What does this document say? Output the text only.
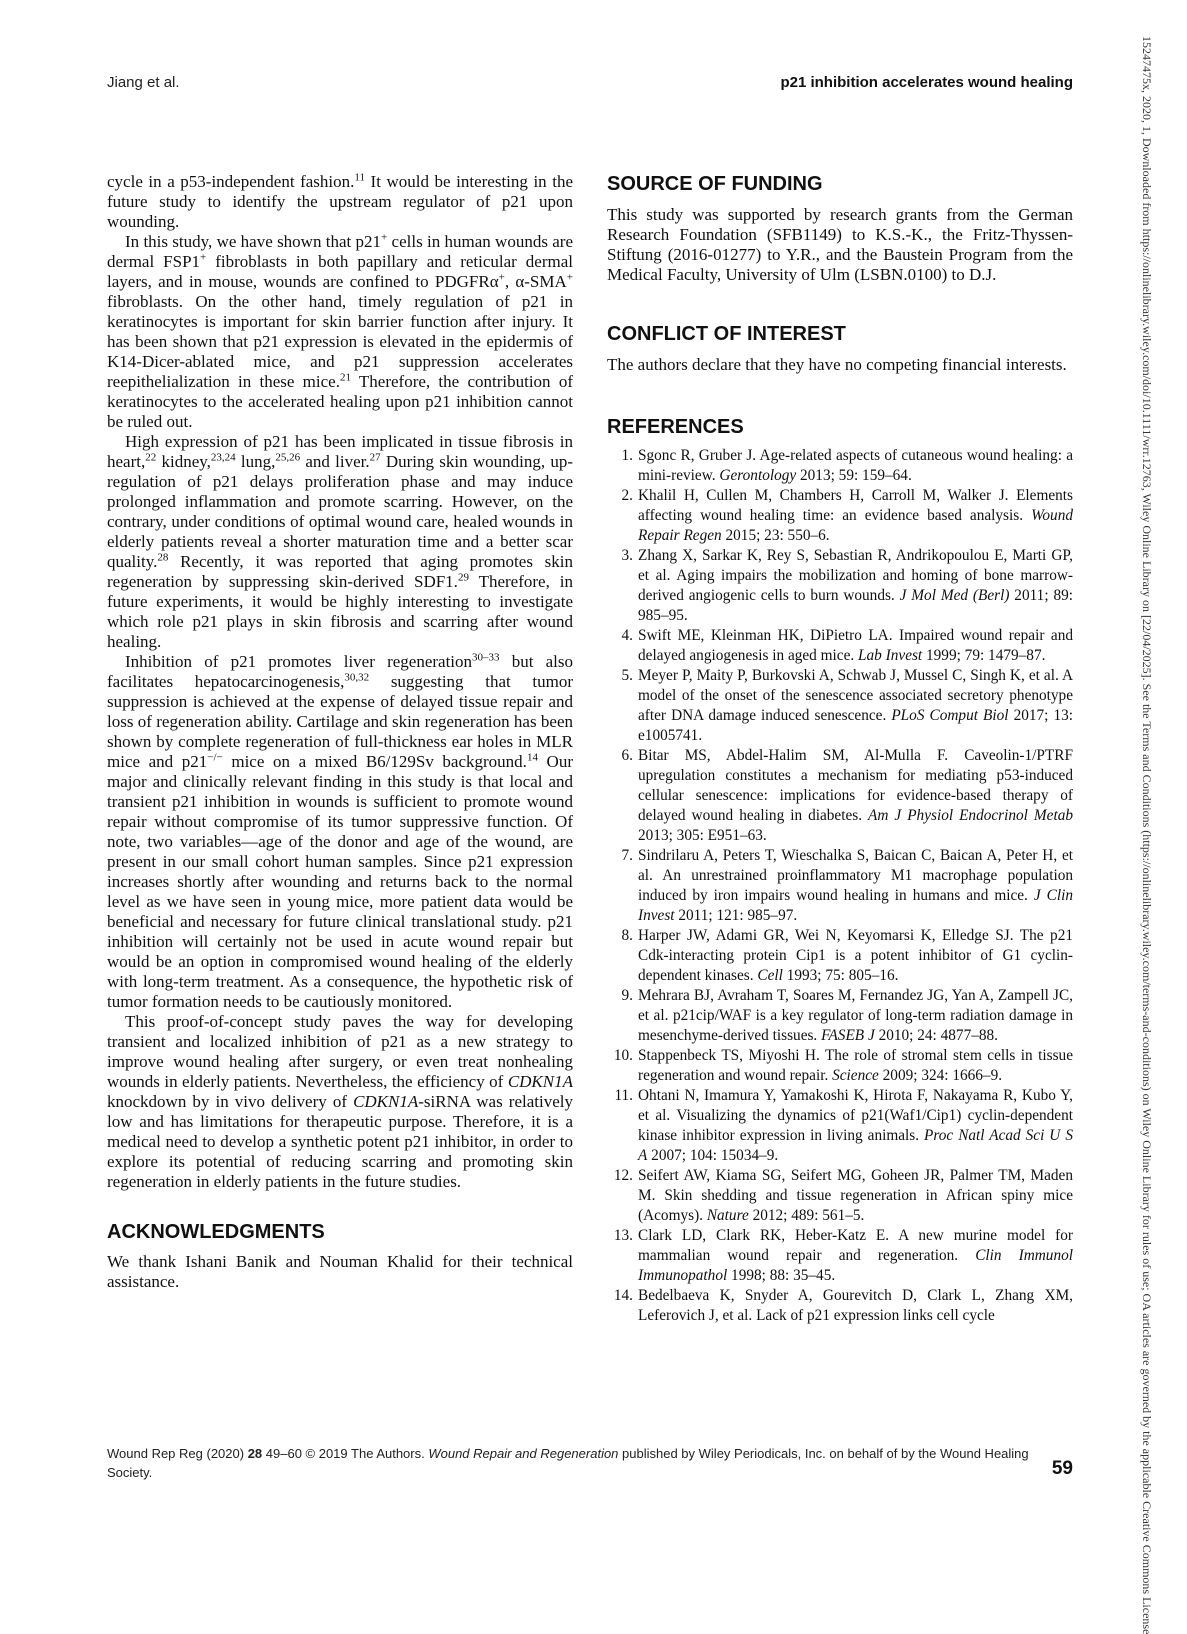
Jiang et al.	p21 inhibition accelerates wound healing

cycle in a p53-independent fashion.$^{11}$ It would be interesting in the future study to identify the upstream regulator of p21 upon wounding.

In this study, we have shown that p21+ cells in human wounds are dermal FSP1+ fibroblasts in both papillary and reticular dermal layers, and in mouse, wounds are confined to PDGFRα+, α-SMA+ fibroblasts. On the other hand, timely regulation of p21 in keratinocytes is important for skin barrier function after injury. It has been shown that p21 expression is elevated in the epidermis of K14-Dicer-ablated mice, and p21 suppression accelerates reepithelialization in these mice.$^{21}$ Therefore, the contribution of keratinocytes to the accelerated healing upon p21 inhibition cannot be ruled out.

High expression of p21 has been implicated in tissue fibrosis in heart,$^{22}$ kidney,$^{23,24}$ lung,$^{25,26}$ and liver.$^{27}$ During skin wounding, up-regulation of p21 delays proliferation phase and may induce prolonged inflammation and promote scarring. However, on the contrary, under conditions of optimal wound care, healed wounds in elderly patients reveal a shorter maturation time and a better scar quality.$^{28}$ Recently, it was reported that aging promotes skin regeneration by suppressing skin-derived SDF1.29 Therefore, in future experiments, it would be highly interesting to investigate which role p21 plays in skin fibrosis and scarring after wound healing.

Inhibition of p21 promotes liver regeneration$^{30-33}$ but also facilitates hepatocarcinogenesis,$^{30,32}$ suggesting that tumor suppression is achieved at the expense of delayed tissue repair and loss of regeneration ability. Cartilage and skin regeneration has been shown by complete regeneration of full-thickness ear holes in MLR mice and p21−/− mice on a mixed B6/129Sv background.$^{14}$ Our major and clinically relevant finding in this study is that local and transient p21 inhibition in wounds is sufficient to promote wound repair without compromise of its tumor suppressive function. Of note, two variables—age of the donor and age of the wound, are present in our small cohort human samples. Since p21 expression increases shortly after wounding and returns back to the normal level as we have seen in young mice, more patient data would be beneficial and necessary for future clinical translational study. p21 inhibition will certainly not be used in acute wound repair but would be an option in compromised wound healing of the elderly with long-term treatment. As a consequence, the hypothetic risk of tumor formation needs to be cautiously monitored.

This proof-of-concept study paves the way for developing transient and localized inhibition of p21 as a new strategy to improve wound healing after surgery, or even treat nonhealing wounds in elderly patients. Nevertheless, the efficiency of CDKN1A knockdown by in vivo delivery of CDKN1A-siRNA was relatively low and has limitations for therapeutic purpose. Therefore, it is a medical need to develop a synthetic potent p21 inhibitor, in order to explore its potential of reducing scarring and promoting skin regeneration in elderly patients in the future studies.

ACKNOWLEDGMENTS

We thank Ishani Banik and Nouman Khalid for their technical assistance.

SOURCE OF FUNDING

This study was supported by research grants from the German Research Foundation (SFB1149) to K.S.-K., the Fritz-Thyssen-Stiftung (2016-01277) to Y.R., and the Baustein Program from the Medical Faculty, University of Ulm (LSBN.0100) to D.J.

CONFLICT OF INTEREST

The authors declare that they have no competing financial interests.

REFERENCES
1. Sgonc R, Gruber J. Age-related aspects of cutaneous wound healing: a mini-review. Gerontology 2013; 59: 159–64.
2. Khalil H, Cullen M, Chambers H, Carroll M, Walker J. Elements affecting wound healing time: an evidence based analysis. Wound Repair Regen 2015; 23: 550–6.
3. Zhang X, Sarkar K, Rey S, Sebastian R, Andrikopoulou E, Marti GP, et al. Aging impairs the mobilization and homing of bone marrow-derived angiogenic cells to burn wounds. J Mol Med (Berl) 2011; 89: 985–95.
4. Swift ME, Kleinman HK, DiPietro LA. Impaired wound repair and delayed angiogenesis in aged mice. Lab Invest 1999; 79: 1479–87.
5. Meyer P, Maity P, Burkovski A, Schwab J, Mussel C, Singh K, et al. A model of the onset of the senescence associated secretory phenotype after DNA damage induced senescence. PLoS Comput Biol 2017; 13: e1005741.
6. Bitar MS, Abdel-Halim SM, Al-Mulla F. Caveolin-1/PTRF upregulation constitutes a mechanism for mediating p53-induced cellular senescence: implications for evidence-based therapy of delayed wound healing in diabetes. Am J Physiol Endocrinol Metab 2013; 305: E951–63.
7. Sindrilaru A, Peters T, Wieschalka S, Baican C, Baican A, Peter H, et al. An unrestrained proinflammatory M1 macrophage population induced by iron impairs wound healing in humans and mice. J Clin Invest 2011; 121: 985–97.
8. Harper JW, Adami GR, Wei N, Keyomarsi K, Elledge SJ. The p21 Cdk-interacting protein Cip1 is a potent inhibitor of G1 cyclin-dependent kinases. Cell 1993; 75: 805–16.
9. Mehrara BJ, Avraham T, Soares M, Fernandez JG, Yan A, Zampell JC, et al. p21cip/WAF is a key regulator of long-term radiation damage in mesenchyme-derived tissues. FASEB J 2010; 24: 4877–88.
10. Stappenbeck TS, Miyoshi H. The role of stromal stem cells in tissue regeneration and wound repair. Science 2009; 324: 1666–9.
11. Ohtani N, Imamura Y, Yamakoshi K, Hirota F, Nakayama R, Kubo Y, et al. Visualizing the dynamics of p21(Waf1/Cip1) cyclin-dependent kinase inhibitor expression in living animals. Proc Natl Acad Sci U S A 2007; 104: 15034–9.
12. Seifert AW, Kiama SG, Seifert MG, Goheen JR, Palmer TM, Maden M. Skin shedding and tissue regeneration in African spiny mice (Acomys). Nature 2012; 489: 561–5.
13. Clark LD, Clark RK, Heber-Katz E. A new murine model for mammalian wound repair and regeneration. Clin Immunol Immunopathol 1998; 88: 35–45.
14. Bedelbaeva K, Snyder A, Gourevitch D, Clark L, Zhang XM, Leferovich J, et al. Lack of p21 expression links cell cycle
Wound Rep Reg (2020) 28 49–60 © 2019 The Authors. Wound Repair and Regeneration published by Wiley Periodicals, Inc. on behalf of by the Wound Healing Society.	59	15247475x, 2020, 1, Downloaded from https://onlinelibrary.wiley.com/doi/10.1111/wrr.12763, Wiley Online Library on [22/04/2025]. See the Terms and Conditions (https://onlinelibrary.wiley.com/terms-and-conditions) on Wiley Online Library for rules of use; OA articles are governed by the applicable Creative Commons License
